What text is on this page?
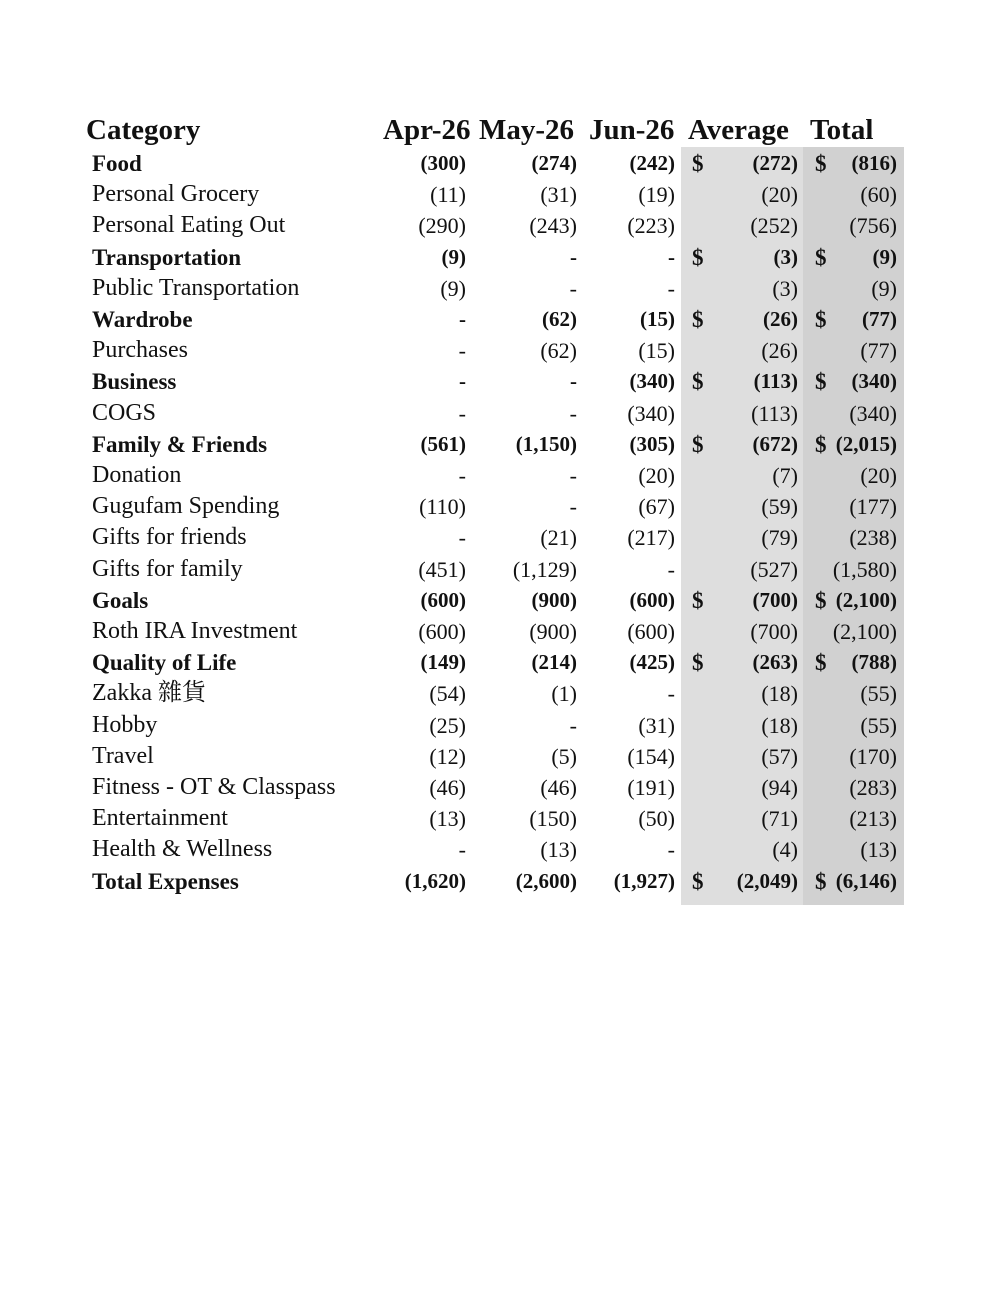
Category	Apr-26 May-26 Jun-26 Average Total
Food	(300)	(274)	(242) $	(272) $	(816)
Personal Grocery	(11)	(31)	(19)	(20)	(60)
Personal Eating Out	(290)	(243)	(223)	(252)	(756)
Transportation	(9)	-	- $	(3) $	(9)
Public Transportation	(9)	-	-	(3)	(9)
Wardrobe	-	(62)	(15) $	(26) $	(77)
Purchases	-	(62)	(15)	(26)	(77)
Business	-	-	(340) $	(113) $	(340)
COGS	-	-	(340)	(113)	(340)
Family & Friends	(561)	(1,150)	(305) $	(672) $ (2,015)
Donation	-	-	(20)	(7)	(20)
Gugufam Spending	(110)	-	(67)	(59)	(177)
Gifts for friends	-	(21)	(217)	(79)	(238)
Gifts for family	(451)	(1,129)	-	(527)	(1,580)
Goals	(600)	(900)	(600) $	(700) $ (2,100)
Roth IRA Investment	(600)	(900)	(600)	(700)	(2,100)
Quality of Life	(149)	(214)	(425) $	(263) $	(788)
Zakka 雜貨	(54)	(1)	-	(18)	(55)
Hobby	(25)	-	(31)	(18)	(55)
Travel	(12)	(5)	(154)	(57)	(170)
Fitness - OT & Classpass	(46)	(46)	(191)	(94)	(283)
Entertainment	(13)	(150)	(50)	(71)	(213)
Health & Wellness	-	(13)	-	(4)	(13)
Total Expenses	(1,620)	(2,600)	(1,927) $	(2,049) $ (6,146)
